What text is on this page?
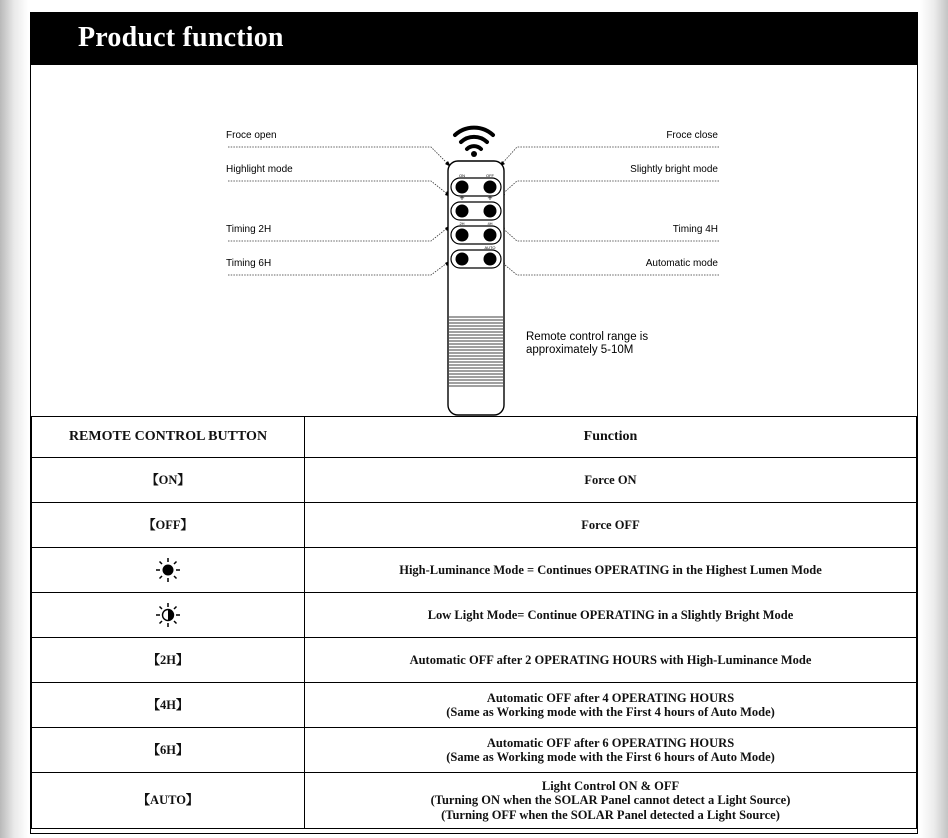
Product function
Froce open
Highlight mode
Timing 2H
Timing 6H
Froce close
Slightly bright mode
Timing 4H
Automatic mode
ON	OFF
+	+
2H	4H
AUTO
Remote control range is approximately 5-10M
REMOTE CONTROL BUTTON	Function
【ON】	Force ON
【OFF】	Force OFF

	High-Luminance Mode = Continues OPERATING in the Highest Lumen Mode

	Low Light Mode= Continue OPERATING in a Slightly Bright Mode
【2H】	Automatic OFF after 2 OPERATING HOURS with High-Luminance Mode
【4H】	Automatic OFF after 4 OPERATING HOURS
(Same as Working mode with the First 4 hours of Auto Mode)

【6H】	Automatic OFF after 6 OPERATING HOURS
(Same as Working mode with the First 6 hours of Auto Mode)

【AUTO】	Light Control ON & OFF
(Turning ON when the SOLAR Panel cannot detect a Light Source)
(Turning OFF when the SOLAR Panel detected a Light Source)
